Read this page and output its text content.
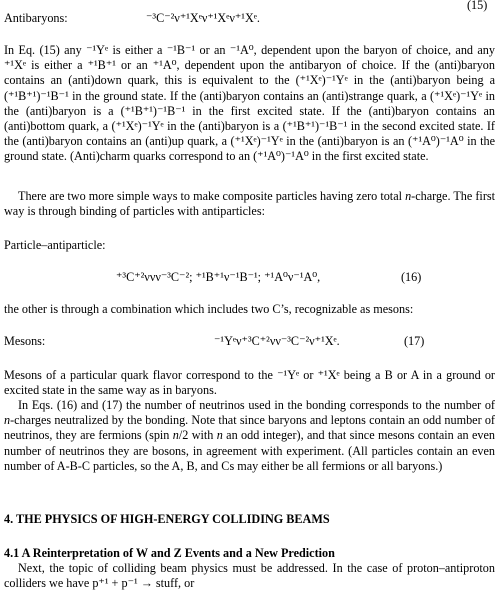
(15)
Antibaryons:	⁻³C⁻²ν⁺¹Xᵉν⁺¹Xᵉν⁺¹Xᵉ.
In Eq. (15) any ⁻¹Yᵉ is either a ⁻¹B⁻¹ or an ⁻¹A⁰, dependent upon the baryon of choice, and any ⁺¹Xᵉ is either a ⁺¹B⁺¹ or an ⁺¹A⁰, dependent upon the antibaryon of choice. If the (anti)baryon contains an (anti)down quark, this is equivalent to the (⁺¹Xᵉ)⁻¹Yᵉ in the (anti)baryon being a (⁺¹B⁺¹)⁻¹B⁻¹ in the ground state. If the (anti)baryon contains an (anti)strange quark, a (⁺¹Xᵉ)⁻¹Yᵉ in the (anti)baryon is a (⁺¹B⁺¹)⁻¹B⁻¹ in the first excited state. If the (anti)baryon contains an (anti)bottom quark, a (⁺¹Xᵉ)⁻¹Yᵉ in the (anti)baryon is a (⁺¹B⁺¹)⁻¹B⁻¹ in the second excited state. If the (anti)baryon contains an (anti)up quark, a (⁺¹Xᵉ)⁻¹Yᵉ in the (anti)baryon is an (⁺¹A⁰)⁻¹A⁰ in the ground state. (Anti)charm quarks correspond to an (⁺¹A⁰)⁻¹A⁰ in the first excited state.
There are two more simple ways to make composite particles having zero total n-charge. The first way is through binding of particles with antiparticles:
Particle–antiparticle:
⁺³C⁺²ννν⁻³C⁻²; ⁺¹B⁺¹ν⁻¹B⁻¹; ⁺¹A⁰ν⁻¹A⁰,	(16)
the other is through a combination which includes two C’s, recognizable as mesons:
Mesons:	⁻¹Yᵉν⁺³C⁺²νν⁻³C⁻²ν⁺¹Xᵉ.	(17)
Mesons of a particular quark flavor correspond to the ⁻¹Yᵉ or ⁺¹Xᵉ being a B or A in a ground or excited state in the same way as in baryons.
In Eqs. (16) and (17) the number of neutrinos used in the bonding corresponds to the number of n-charges neutralized by the bonding. Note that since baryons and leptons contain an odd number of neutrinos, they are fermions (spin n/2 with n an odd integer), and that since mesons contain an even number of neutrinos they are bosons, in agreement with experiment. (All particles contain an even number of A-B-C particles, so the A, B, and Cs may either be all fermions or all baryons.)
4. THE PHYSICS OF HIGH-ENERGY COLLIDING BEAMS
4.1 A Reinterpretation of W and Z Events and a New Prediction
Next, the topic of colliding beam physics must be addressed. In the case of proton–antiproton colliders we have p⁺¹ + p⁻¹ → stuff, or
